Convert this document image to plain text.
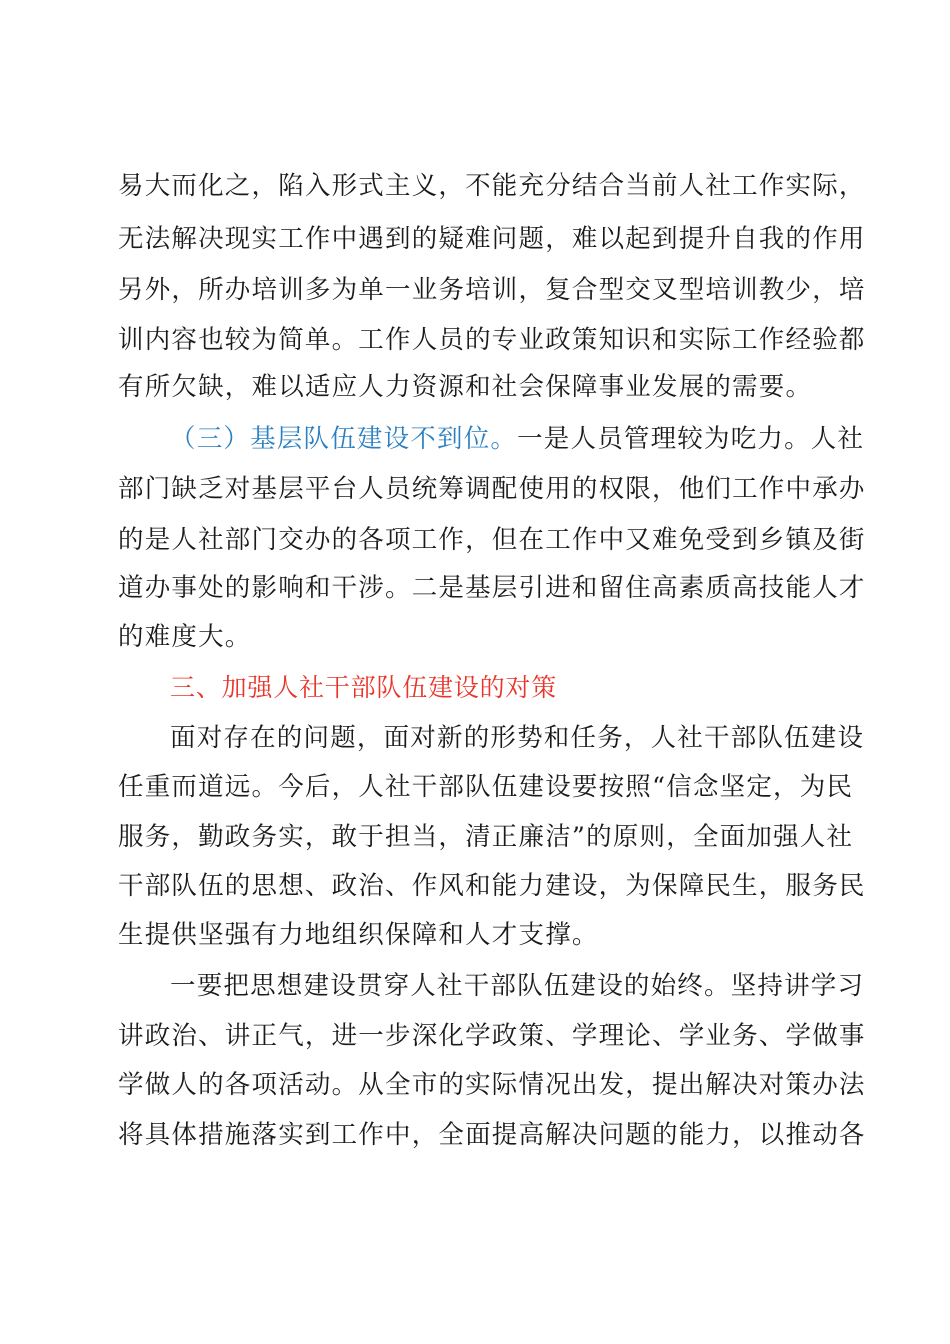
易大而化之，陷入形式主义，不能充分结合当前人社工作实际，
无法解决现实工作中遇到的疑难问题，难以起到提升自我的作用
另外，所办培训多为单一业务培训，复合型交叉型培训教少，培
训内容也较为简单。工作人员的专业政策知识和实际工作经验都
有所欠缺，难以适应人力资源和社会保障事业发展的需要。
（三）基层队伍建设不到位。一是人员管理较为吃力。人社
部门缺乏对基层平台人员统筹调配使用的权限，他们工作中承办
的是人社部门交办的各项工作，但在工作中又难免受到乡镇及街
道办事处的影响和干涉。二是基层引进和留住高素质高技能人才
的难度大。
三、加强人社干部队伍建设的对策
面对存在的问题，面对新的形势和任务，人社干部队伍建设
任重而道远。今后，人社干部队伍建设要按照“信念坚定，为民
服务，勤政务实，敢于担当，清正廉洁”的原则，全面加强人社
干部队伍的思想、政治、作风和能力建设，为保障民生，服务民
生提供坚强有力地组织保障和人才支撑。
一要把思想建设贯穿人社干部队伍建设的始终。坚持讲学习
讲政治、讲正气，进一步深化学政策、学理论、学业务、学做事
学做人的各项活动。从全市的实际情况出发，提出解决对策办法
将具体措施落实到工作中，全面提高解决问题的能力，以推动各
